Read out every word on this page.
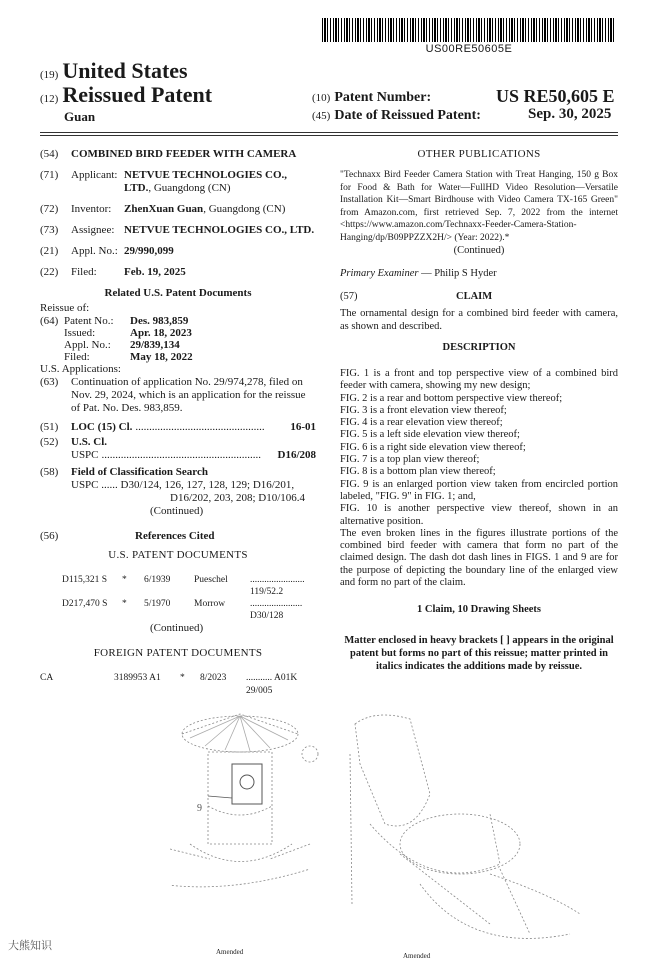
US00RE50605E
(19) United States
(12) Reissued Patent
Guan
(10) Patent Number:	US RE50,605 E
(45) Date of Reissued Patent:	Sep. 30, 2025
(54)	COMBINED BIRD FEEDER WITH CAMERA
(71)	Applicant: NETVUE TECHNOLOGIES CO., LTD., Guangdong (CN)
(72)	Inventor:	ZhenXuan Guan, Guangdong (CN)
(73)	Assignee: NETVUE TECHNOLOGIES CO., LTD.
(21)	Appl. No.: 29/990,099
(22)	Filed:	Feb. 19, 2025
Related U.S. Patent Documents
Reissue of:
(64) Patent No.:	Des. 983,859
Issued:	Apr. 18, 2023
Appl. No.:	29/839,134
Filed:	May 18, 2022
U.S. Applications:
(63)	Continuation of application No. 29/974,278, filed on Nov. 29, 2024, which is an application for the reissue of Pat. No. Des. 983,859.
(51)	LOC (15) Cl. ...............................................	16-01
(52)	U.S. Cl.
USPC ..........................................................	D16/208
(58)	Field of Classification Search
USPC ...... D30/124, 126, 127, 128, 129; D16/201,
D16/202, 203, 208; D10/106.4
(Continued)
(56)	References Cited
U.S. PATENT DOCUMENTS
D115,321 S	*	6/1939	Pueschel	....................... 119/52.2
D217,470 S	*	5/1970	Morrow	...................... D30/128
(Continued)
FOREIGN PATENT DOCUMENTS
CA	3189953 A1	*	8/2023	........... A01K 29/005
OTHER PUBLICATIONS
"Technaxx Bird Feeder Camera Station with Treat Hanging, 150 g Box for Food & Bath for Water—FullHD Video Resolution—Versatile Installation Kit—Smart Birdhouse with Video Camera TX-165 Green" from Amazon.com, first retrieved Sep. 7, 2022 from the internet <https://www.amazon.com/Technaxx-Feeder-Camera-Station-Hanging/dp/B09PPZZX2H/> (Year: 2022).*
(Continued)
Primary Examiner — Philip S Hyder
(57)	CLAIM
The ornamental design for a combined bird feeder with camera, as shown and described.
DESCRIPTION
FIG. 1 is a front and top perspective view of a combined bird feeder with camera, showing my new design;
FIG. 2 is a rear and bottom perspective view thereof;
FIG. 3 is a front elevation view thereof;
FIG. 4 is a rear elevation view thereof;
FIG. 5 is a left side elevation view thereof;
FIG. 6 is a right side elevation view thereof;
FIG. 7 is a top plan view thereof;
FIG. 8 is a bottom plan view thereof;
FIG. 9 is an enlarged portion view taken from encircled portion labeled, "FIG. 9" in FIG. 1; and,
FIG. 10 is another perspective view thereof, shown in an alternative position.
The even broken lines in the figures illustrate portions of the combined bird feeder with camera that form no part of the claimed design. The dash dot dash lines in FIGS. 1 and 9 are for the purpose of depicting the boundary line of the enlarged view and form no part of the claim.
1 Claim, 10 Drawing Sheets
Matter enclosed in heavy brackets [ ] appears in the original patent but forms no part of this reissue; matter printed in italics indicates the additions made by reissue.
9
Amended	Amended
大熊知识
